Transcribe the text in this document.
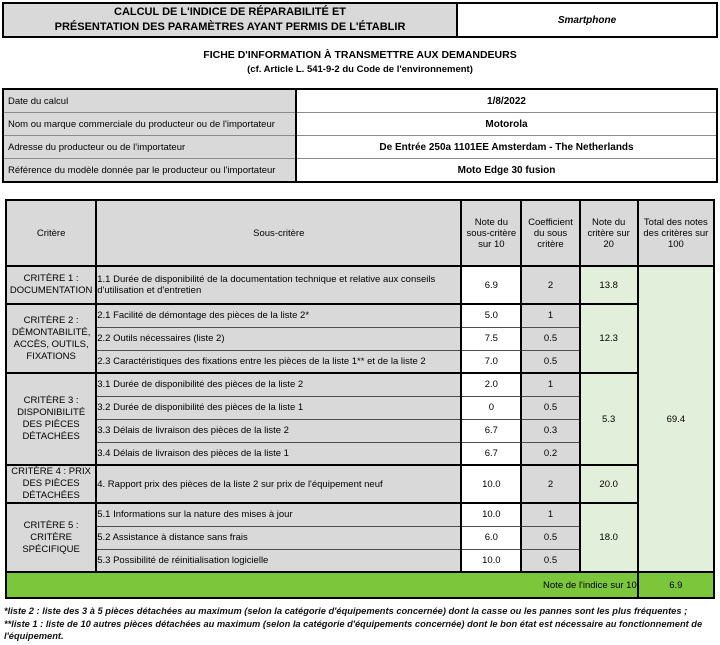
CALCUL DE L'INDICE DE RÉPARABILITÉ ET
PRÉSENTATION DES PARAMÈTRES AYANT PERMIS DE L'ÉTABLIR
Smartphone
FICHE D'INFORMATION À TRANSMETTRE AUX DEMANDEURS
(cf. Article L. 541-9-2 du Code de l'environnement)
Date du calcul	1/8/2022
Nom ou marque commerciale du producteur ou de l'importateur	Motorola
Adresse du producteur ou de l'importateur	De Entrée 250a 1101EE Amsterdam - The Netherlands
Référence du modèle donnée par le producteur ou l'importateur	Moto Edge 30 fusion
Critère	Sous-critère	Note du sous-critère sur 10	Coefficient du sous critère	Note du critère sur 20	Total des notes des critères sur 100
CRITÈRE 1 : DOCUMENTATION	1.1 Durée de disponibilité de la documentation technique et relative aux conseils d'utilisation et d'entretien	6.9	2	13.8	69.4
CRITÈRE 2 : DÉMONTABILITÉ, ACCÈS, OUTILS, FIXATIONS	2.1 Facilité de démontage des pièces de la liste 2*	5.0	1	12.3	
	2.2 Outils nécessaires (liste 2)	7.5	0.5		
	2.3 Caractéristiques des fixations entre les pièces de la liste 1** et de la liste 2	7.0	0.5		
CRITÈRE 3 : DISPONIBILITÉ DES PIÈCES DÉTACHÉES	3.1 Durée de disponibilité des pièces de la liste 2	2.0	1	5.3	
	3.2 Durée de disponibilité des pièces de la liste 1	0	0.5		
	3.3 Délais de livraison des pièces de la liste 2	6.7	0.3		
	3.4 Délais de livraison des pièces de la liste 1	6.7	0.2		
CRITÈRE 4 : PRIX DES PIÈCES DÉTACHÉES	4. Rapport prix des pièces de la liste 2 sur prix de l'équipement neuf	10.0	2	20.0	
CRITÈRE 5 : CRITÈRE SPÉCIFIQUE	5.1 Informations sur la nature des mises à jour	10.0	1	18.0	
	5.2 Assistance à distance sans frais	6.0	0.5		
	5.3 Possibilité de réinitialisation logicielle	10.0	0.5		
Note de l'indice sur 10					6.9
*liste 2 : liste des 3 à 5 pièces détachées au maximum (selon la catégorie d'équipements concernée) dont la casse ou les pannes sont les plus fréquentes ;
**liste 1 : liste de 10 autres pièces détachées au maximum (selon la catégorie d'équipements concernée) dont le bon état est nécessaire au fonctionnement de l'équipement.
